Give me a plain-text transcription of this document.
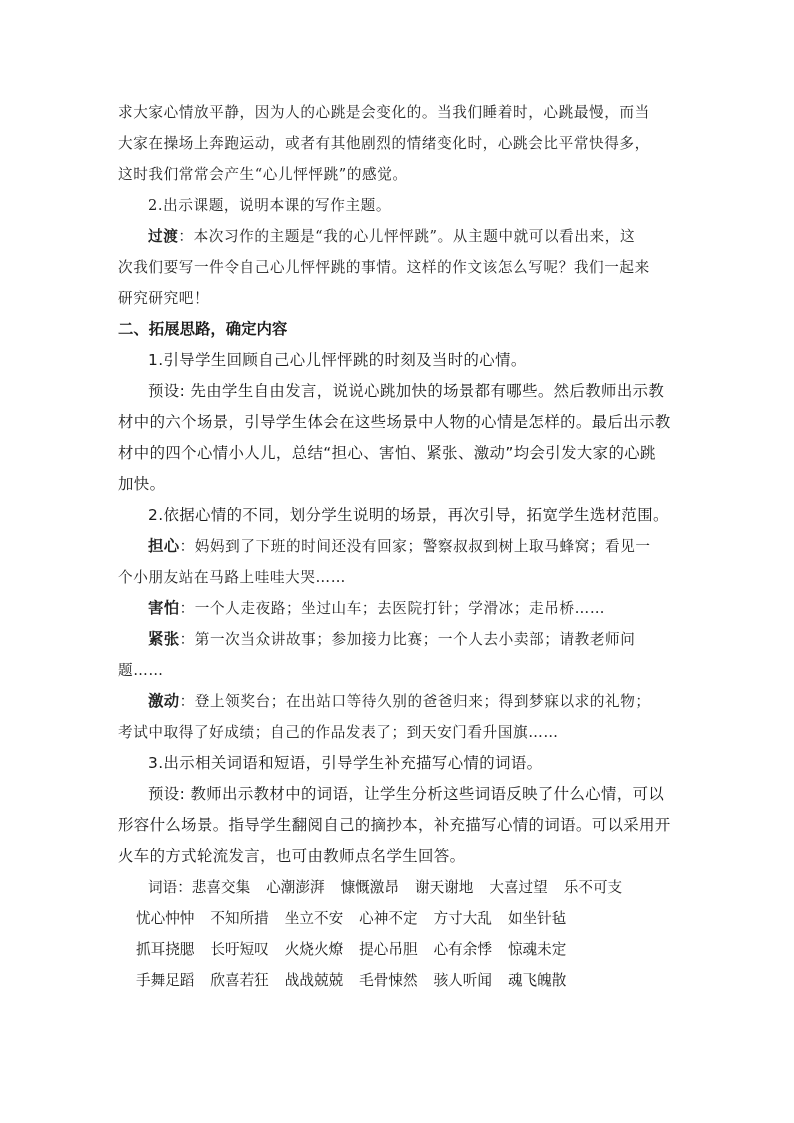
求大家心情放平静，因为人的心跳是会变化的。当我们睡着时，心跳最慢，而当
大家在操场上奔跑运动，或者有其他剧烈的情绪变化时，心跳会比平常快得多，
这时我们常常会产生“心儿怦怦跳”的感觉。
2.出示课题，说明本课的写作主题。
过渡：本次习作的主题是“我的心儿怦怦跳”。从主题中就可以看出来，这
次我们要写一件令自己心儿怦怦跳的事情。这样的作文该怎么写呢？我们一起来
研究研究吧！
二、拓展思路，确定内容
1.引导学生回顾自己心儿怦怦跳的时刻及当时的心情。
预设: 先由学生自由发言，说说心跳加快的场景都有哪些。然后教师出示教
材中的六个场景，引导学生体会在这些场景中人物的心情是怎样的。最后出示教
材中的四个心情小人儿，总结“担心、害怕、紧张、激动”均会引发大家的心跳
加快。
2.依据心情的不同，划分学生说明的场景，再次引导，拓宽学生选材范围。
担心：妈妈到了下班的时间还没有回家；警察叔叔到树上取马蜂窝；看见一
个小朋友站在马路上哇哇大哭……
害怕：一个人走夜路；坐过山车；去医院打针；学滑冰；走吊桥……
紧张：第一次当众讲故事；参加接力比赛；一个人去小卖部；请教老师问
题……
激动：登上领奖台；在出站口等待久别的爸爸归来；得到梦寐以求的礼物；
考试中取得了好成绩；自己的作品发表了；到天安门看升国旗……
3.出示相关词语和短语，引导学生补充描写心情的词语。
预设: 教师出示教材中的词语，让学生分析这些词语反映了什么心情，可以
形容什么场景。指导学生翻阅自己的摘抄本，补充描写心情的词语。可以采用开
火车的方式轮流发言，也可由教师点名学生回答。
词语：悲喜交集 心潮澎湃 慷慨激昂 谢天谢地 大喜过望 乐不可支
忧心忡忡 不知所措 坐立不安 心神不定 方寸大乱 如坐针毡
抓耳挠腮 长吁短叹 火烧火燎 提心吊胆 心有余悸 惊魂未定
手舞足蹈 欣喜若狂 战战兢兢 毛骨悚然 骇人听闻 魂飞魄散
